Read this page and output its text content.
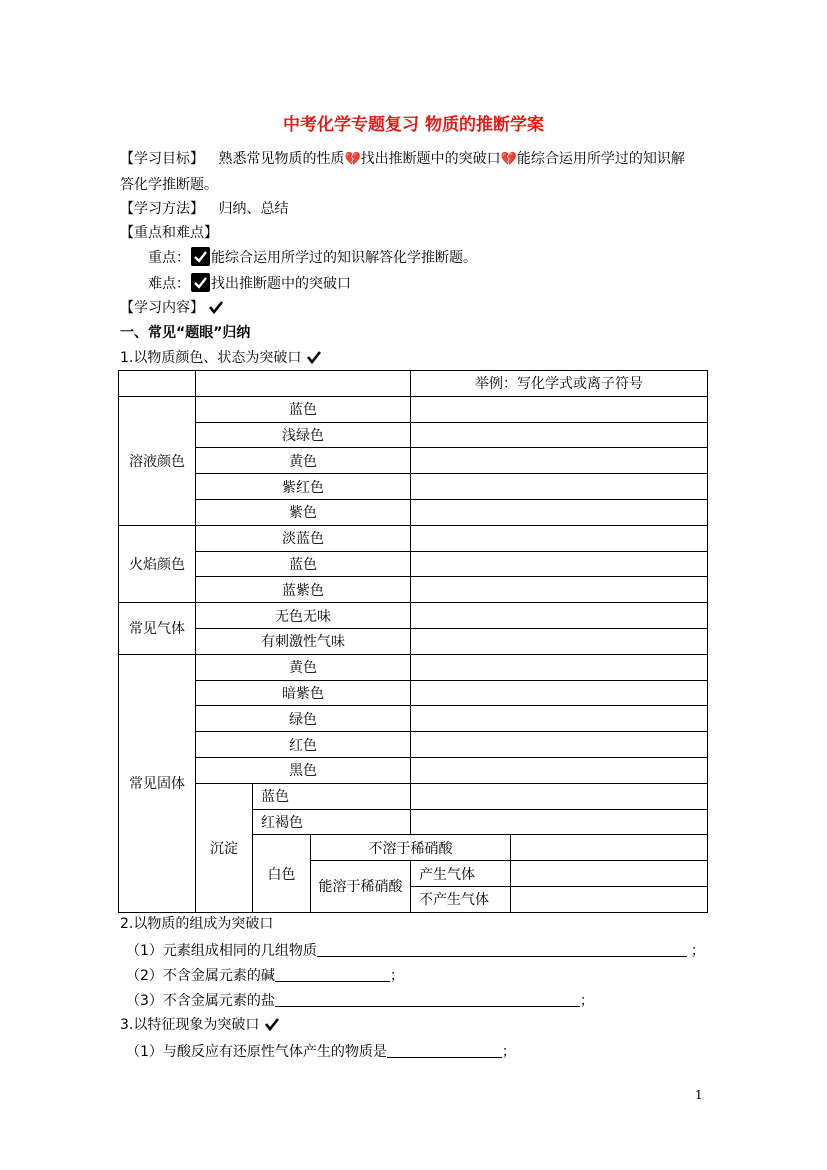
中考化学专题复习 物质的推断学案
【学习目标】 熟悉常见物质的性质💔找出推断题中的突破口💔能综合运用所学过的知识解
答化学推断题。
【学习方法】 归纳、总结
【重点和难点】
重点： 能综合运用所学过的知识解答化学推断题。
难点： 找出推断题中的突破口
【学习内容】
一、常见“题眼”归纳
1.以物质颜色、状态为突破口
				举例：写化学式或离子符号	
溶液颜色	蓝色				
	浅绿色				
	黄色				
	紫红色				
	紫色				
火焰颜色	淡蓝色				
	蓝色				
	蓝紫色				
常见气体	无色无味				
	有刺激性气味				
常见固体	黄色				
	暗紫色				
	绿色				
	红色				
	黑色				
	沉淀	蓝色			
		红褐色			
		白色	不溶于稀硝酸		
			能溶于稀硝酸	产生气体	
				不产生气体	
2.以物质的组成为突破口
（1）元素组成相同的几组物质	；
（2）不含金属元素的碱	；
（3）不含金属元素的盐	；
3.以特征现象为突破口
（1）与酸反应有还原性气体产生的物质是	；
1
